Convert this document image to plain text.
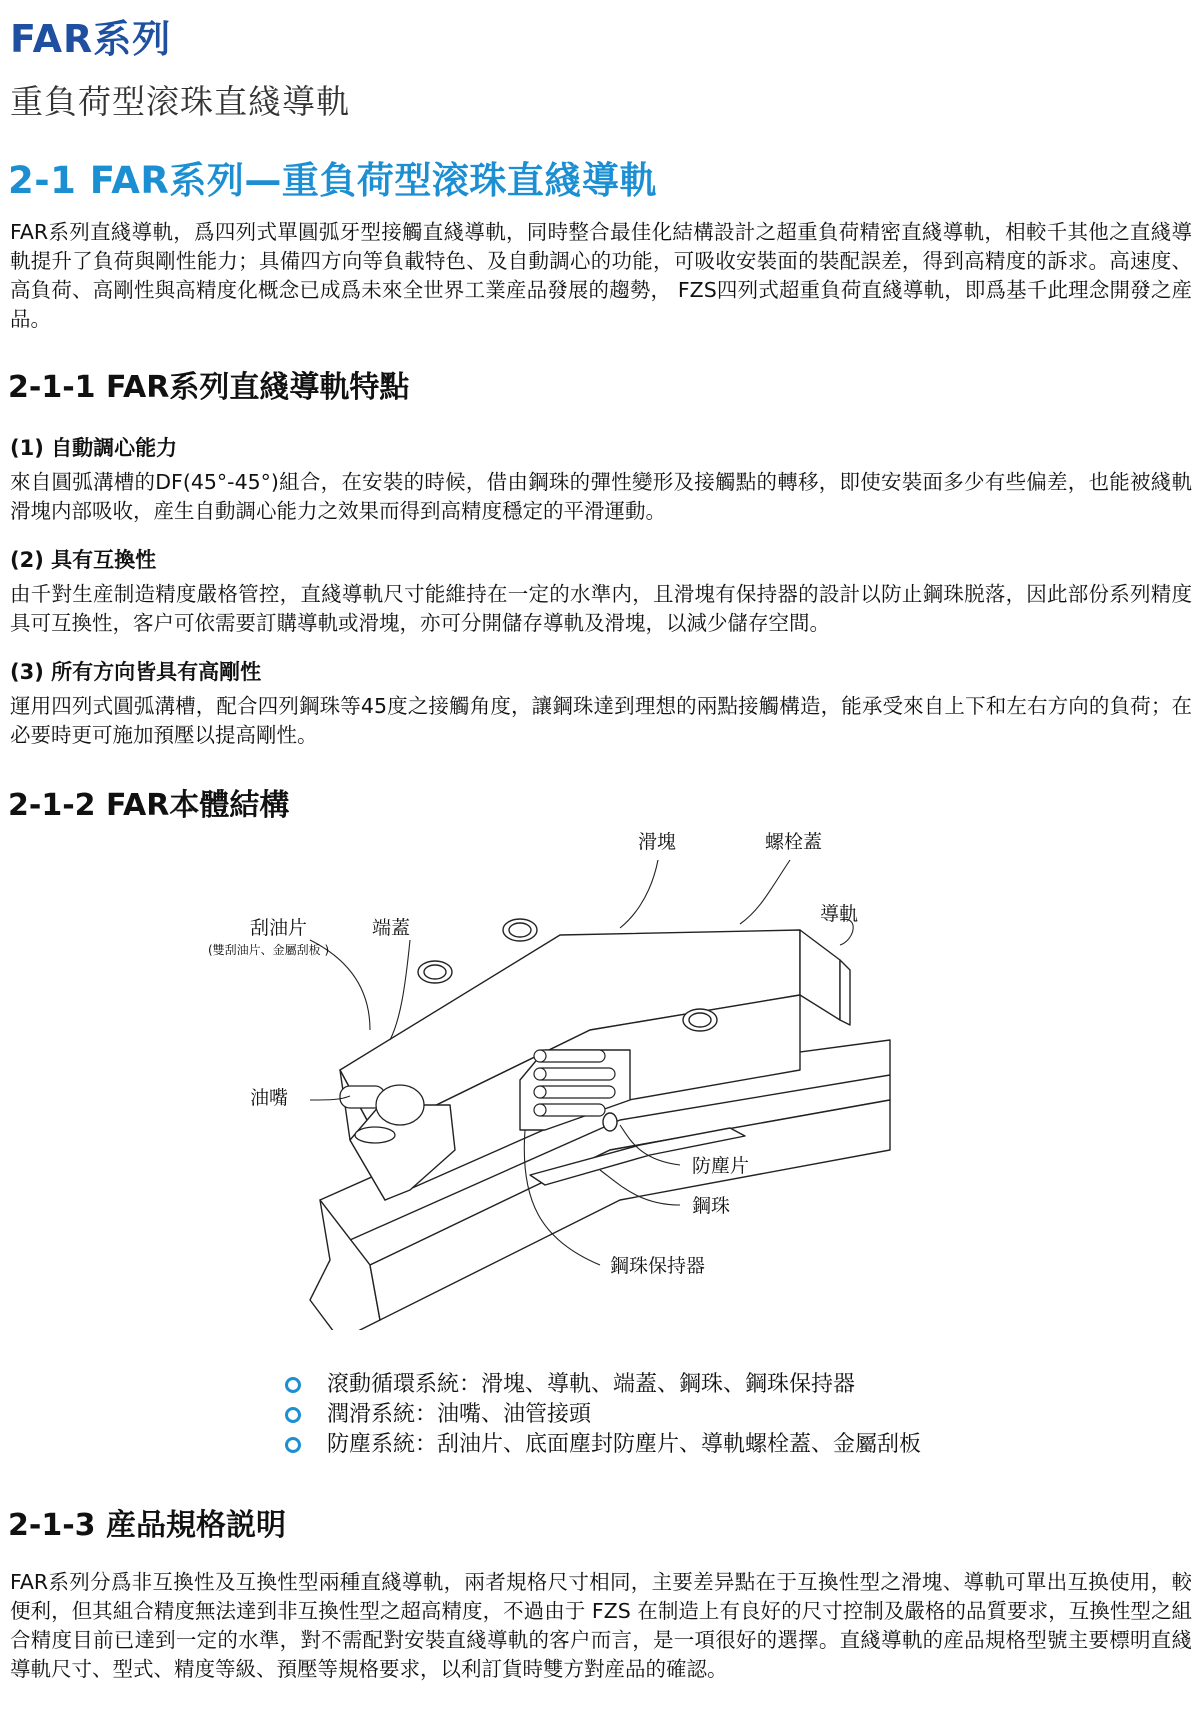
FAR系列

重負荷型滚珠直綫導軌

2-1 FAR系列—重負荷型滚珠直綫導軌

FAR系列直綫導軌，爲四列式單圓弧牙型接觸直綫導軌，同時整合最佳化結構設計之超重負荷精密直綫導軌，相較千其他之直綫導軌提升了負荷與剛性能力；具備四方向等負載特色、及自動調心的功能，可吸收安裝面的裝配誤差，得到高精度的訴求。高速度、高負荷、高剛性與高精度化概念已成爲未來全世界工業産品發展的趨勢， FZS四列式超重負荷直綫導軌，即爲基千此理念開發之産品。

2-1-1 FAR系列直綫導軌特點

(1) 自動調心能力

來自圓弧溝槽的DF(45°-45°)組合，在安裝的時候，借由鋼珠的彈性變形及接觸點的轉移，即使安裝面多少有些偏差，也能被綫軌滑塊内部吸收，産生自動調心能力之效果而得到高精度穩定的平滑運動。

(2) 具有互換性

由千對生産制造精度嚴格管控，直綫導軌尺寸能維持在一定的水準内，且滑塊有保持器的設計以防止鋼珠脱落，因此部份系列精度具可互換性，客户可依需要訂購導軌或滑塊，亦可分開儲存導軌及滑塊，以減少儲存空間。

(3) 所有方向皆具有高剛性

運用四列式圓弧溝槽，配合四列鋼珠等45度之接觸角度，讓鋼珠達到理想的兩點接觸構造，能承受來自上下和左右方向的負荷；在必要時更可施加預壓以提高剛性。

2-1-2 FAR本體結構
滑塊	螺栓蓋
導軌
刮油片
(雙刮油片、金屬刮板 )
端蓋
油嘴
防塵片
鋼珠
鋼珠保持器
滾動循環系統：滑塊、導軌、端蓋、鋼珠、鋼珠保持器
潤滑系統：油嘴、油管接頭
防塵系統：刮油片、底面塵封防塵片、導軌螺栓蓋、金屬刮板
2-1-3 産品規格説明

FAR系列分爲非互換性及互換性型兩種直綫導軌，兩者規格尺寸相同，主要差异點在于互換性型之滑塊、導軌可單出互换使用，較便利，但其組合精度無法達到非互換性型之超高精度，不過由于 FZS 在制造上有良好的尺寸控制及嚴格的品質要求，互換性型之組合精度目前已達到一定的水準，對不需配對安裝直綫導軌的客户而言，是一項很好的選擇。直綫導軌的産品規格型號主要標明直綫導軌尺寸、型式、精度等級、預壓等規格要求，以利訂貨時雙方對産品的確認。
